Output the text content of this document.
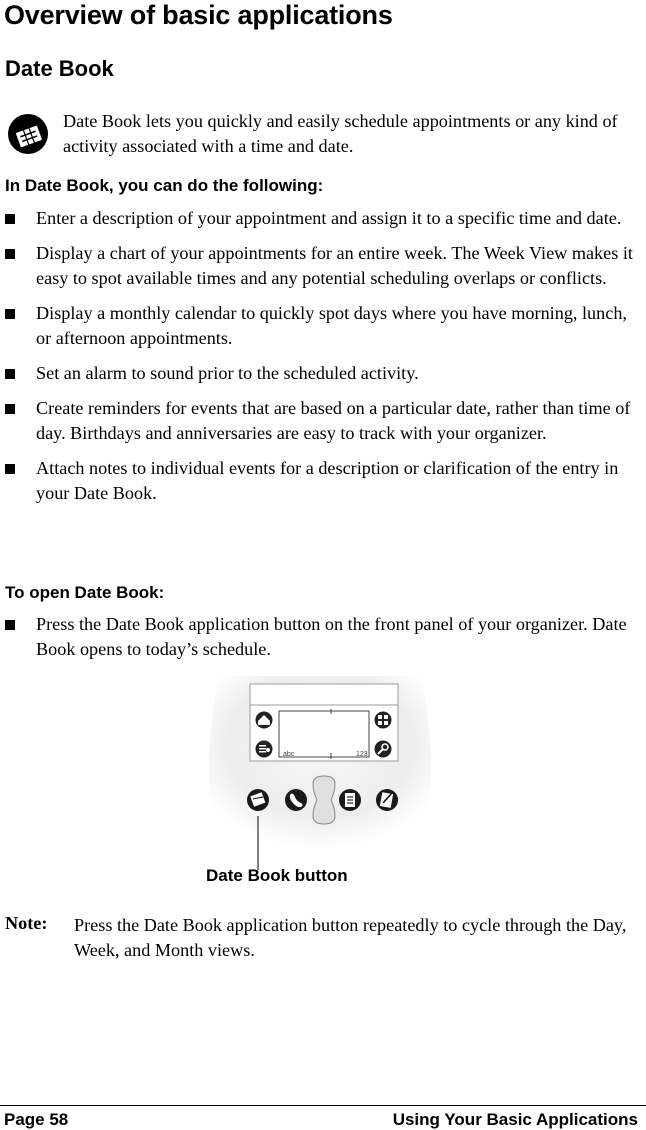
Overview of basic applications
Date Book
Date Book lets you quickly and easily schedule appointments or any kind of activity associated with a time and date.
In Date Book, you can do the following:
Enter a description of your appointment and assign it to a specific time and date.
Display a chart of your appointments for an entire week. The Week View makes it easy to spot available times and any potential scheduling overlaps or conflicts.
Display a monthly calendar to quickly spot days where you have morning, lunch, or afternoon appointments.
Set an alarm to sound prior to the scheduled activity.
Create reminders for events that are based on a particular date, rather than time of day. Birthdays and anniversaries are easy to track with your organizer.
Attach notes to individual events for a description or clarification of the entry in your Date Book.
To open Date Book:
Press the Date Book application button on the front panel of your organizer. Date Book opens to today’s schedule.
abc	123
Date Book button
Note: Press the Date Book application button repeatedly to cycle through the Day, Week, and Month views.
Page 58	Using Your Basic Applications
